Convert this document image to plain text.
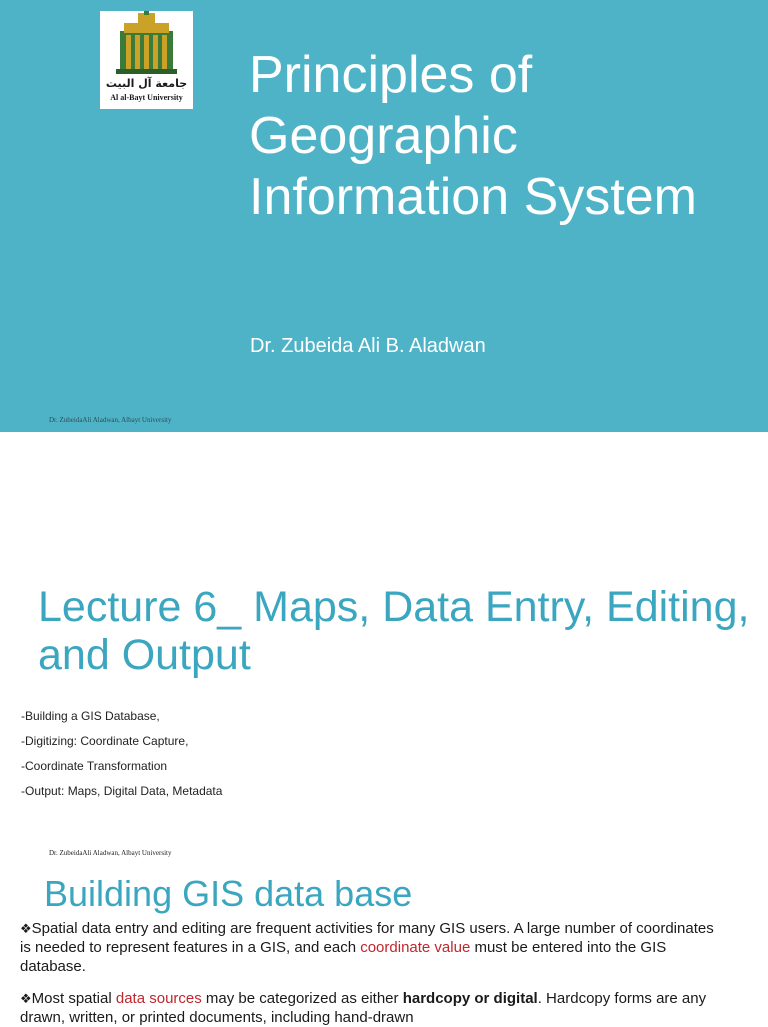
جامعة آل البيت
Al al-Bayt University Principles of Geographic Information System
Dr. Zubeida Ali B. Aladwan
Dr. ZubeidaAli Aladwan, Albayt University
Lecture 6_ Maps, Data Entry, Editing, and Output
-Building a GIS Database,
-Digitizing: Coordinate Capture,
-Coordinate Transformation
-Output: Maps, Digital Data, Metadata
Dr. ZubeidaAli Aladwan, Albayt University
Building GIS data base

❖Spatial data entry and editing are frequent activities for many GIS users. A large number of coordinates is needed to represent features in a GIS, and each coordinate value must be entered into the GIS database.

❖Most spatial data sources may be categorized as either hardcopy or digital. Hardcopy forms are any drawn, written, or printed documents, including hand-drawn
